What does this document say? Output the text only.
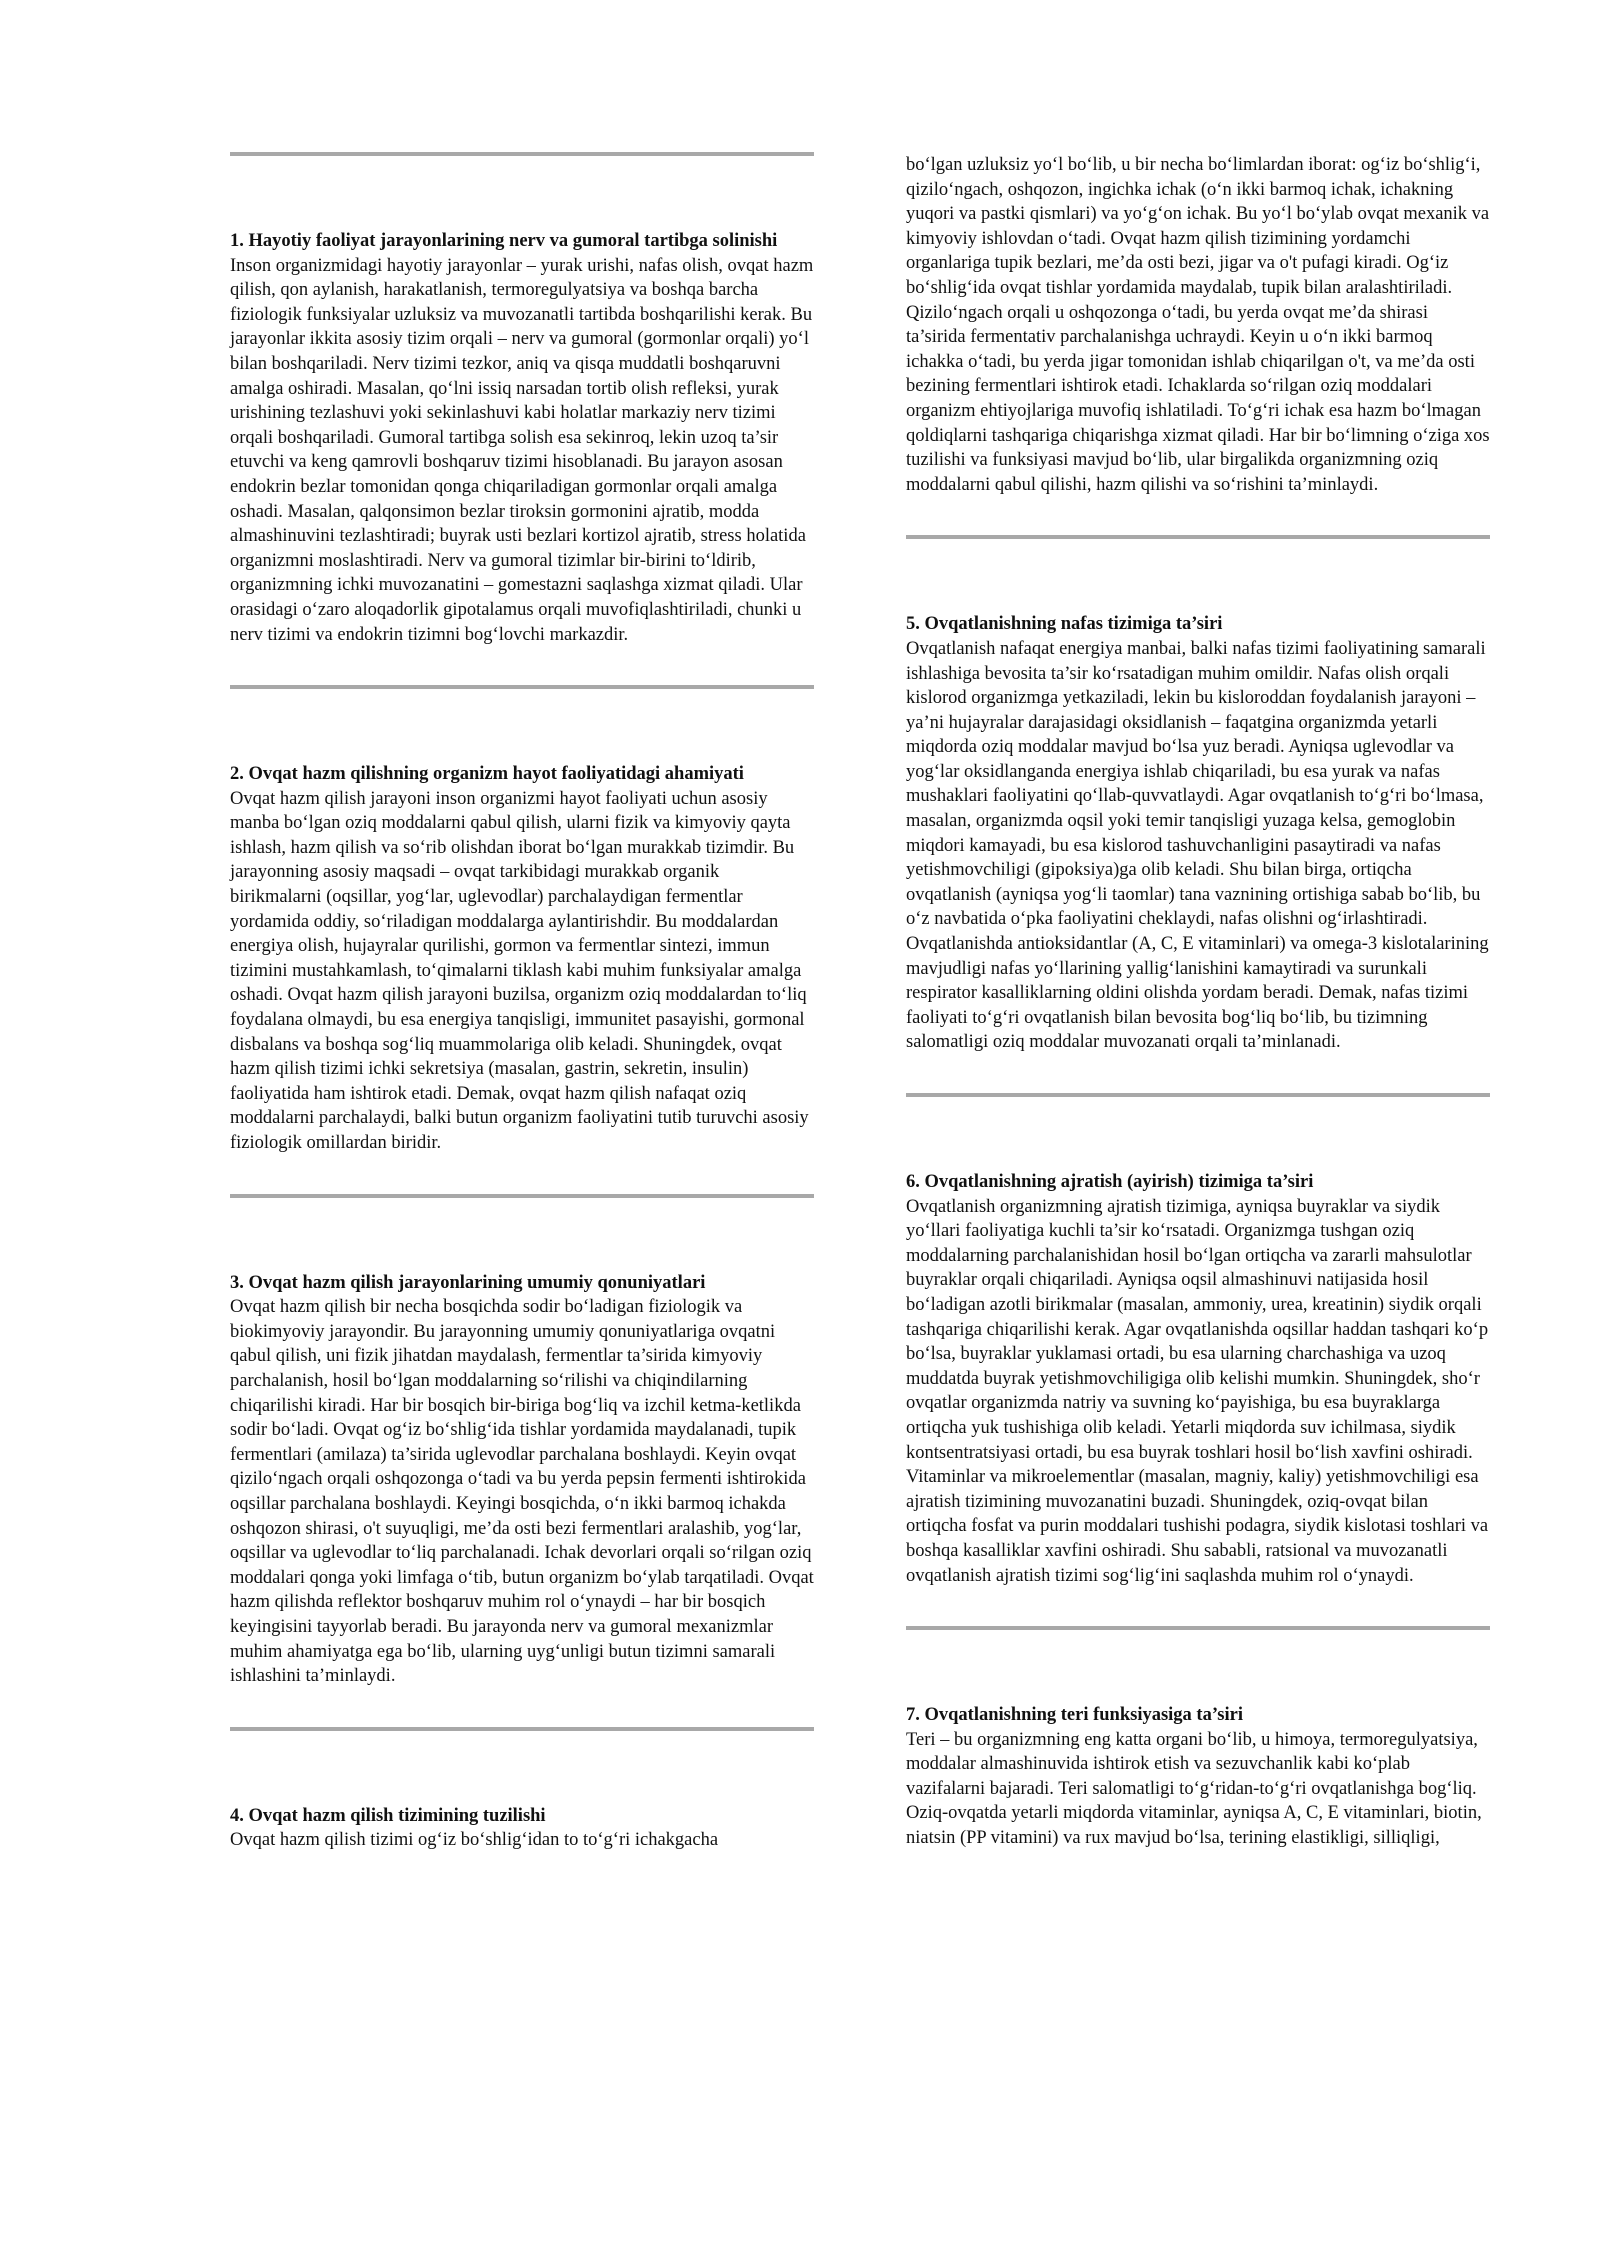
1. Hayotiy faoliyat jarayonlarining nerv va gumoral tartibga solinishi

Inson organizmidagi hayotiy jarayonlar – yurak urishi, nafas olish, ovqat hazm qilish, qon aylanish, harakatlanish, termoregulyatsiya va boshqa barcha fiziologik funksiyalar uzluksiz va muvozanatli tartibda boshqarilishi kerak. Bu jarayonlar ikkita asosiy tizim orqali – nerv va gumoral (gormonlar orqali) yo‘l bilan boshqariladi. Nerv tizimi tezkor, aniq va qisqa muddatli boshqaruvni amalga oshiradi. Masalan, qo‘lni issiq narsadan tortib olish refleksi, yurak urishining tezlashuvi yoki sekinlashuvi kabi holatlar markaziy nerv tizimi orqali boshqariladi. Gumoral tartibga solish esa sekinroq, lekin uzoq ta’sir etuvchi va keng qamrovli boshqaruv tizimi hisoblanadi. Bu jarayon asosan endokrin bezlar tomonidan qonga chiqariladigan gormonlar orqali amalga oshadi. Masalan, qalqonsimon bezlar tiroksin gormonini ajratib, modda almashinuvini tezlashtiradi; buyrak usti bezlari kortizol ajratib, stress holatida organizmni moslashtiradi. Nerv va gumoral tizimlar bir-birini to‘ldirib, organizmning ichki muvozanatini – gomestazni saqlashga xizmat qiladi. Ular orasidagi o‘zaro aloqadorlik gipotalamus orqali muvofiqlashtiriladi, chunki u nerv tizimi va endokrin tizimni bog‘lovchi markazdir.

2. Ovqat hazm qilishning organizm hayot faoliyatidagi ahamiyati

Ovqat hazm qilish jarayoni inson organizmi hayot faoliyati uchun asosiy manba bo‘lgan oziq moddalarni qabul qilish, ularni fizik va kimyoviy qayta ishlash, hazm qilish va so‘rib olishdan iborat bo‘lgan murakkab tizimdir. Bu jarayonning asosiy maqsadi – ovqat tarkibidagi murakkab organik birikmalarni (oqsillar, yog‘lar, uglevodlar) parchalaydigan fermentlar yordamida oddiy, so‘riladigan moddalarga aylantirishdir. Bu moddalardan energiya olish, hujayralar qurilishi, gormon va fermentlar sintezi, immun tizimini mustahkamlash, to‘qimalarni tiklash kabi muhim funksiyalar amalga oshadi. Ovqat hazm qilish jarayoni buzilsa, organizm oziq moddalardan to‘liq foydalana olmaydi, bu esa energiya tanqisligi, immunitet pasayishi, gormonal disbalans va boshqa sog‘liq muammolariga olib keladi. Shuningdek, ovqat hazm qilish tizimi ichki sekretsiya (masalan, gastrin, sekretin, insulin) faoliyatida ham ishtirok etadi. Demak, ovqat hazm qilish nafaqat oziq moddalarni parchalaydi, balki butun organizm faoliyatini tutib turuvchi asosiy fiziologik omillardan biridir.

3. Ovqat hazm qilish jarayonlarining umumiy qonuniyatlari

Ovqat hazm qilish bir necha bosqichda sodir bo‘ladigan fiziologik va biokimyoviy jarayondir. Bu jarayonning umumiy qonuniyatlariga ovqatni qabul qilish, uni fizik jihatdan maydalash, fermentlar ta’sirida kimyoviy parchalanish, hosil bo‘lgan moddalarning so‘rilishi va chiqindilarning chiqarilishi kiradi. Har bir bosqich bir-biriga bog‘liq va izchil ketma-ketlikda sodir bo‘ladi. Ovqat og‘iz bo‘shlig‘ida tishlar yordamida maydalanadi, tupik fermentlari (amilaza) ta’sirida uglevodlar parchalana boshlaydi. Keyin ovqat qizilo‘ngach orqali oshqozonga o‘tadi va bu yerda pepsin fermenti ishtirokida oqsillar parchalana boshlaydi. Keyingi bosqichda, o‘n ikki barmoq ichakda oshqozon shirasi, o't suyuqligi, me’da osti bezi fermentlari aralashib, yog‘lar, oqsillar va uglevodlar to‘liq parchalanadi. Ichak devorlari orqali so‘rilgan oziq moddalari qonga yoki limfaga o‘tib, butun organizm bo‘ylab tarqatiladi. Ovqat hazm qilishda reflektor boshqaruv muhim rol o‘ynaydi – har bir bosqich keyingisini tayyorlab beradi. Bu jarayonda nerv va gumoral mexanizmlar muhim ahamiyatga ega bo‘lib, ularning uyg‘unligi butun tizimni samarali ishlashini ta’minlaydi.

4. Ovqat hazm qilish tizimining tuzilishi

Ovqat hazm qilish tizimi og‘iz bo‘shlig‘idan to to‘g‘ri ichakgacha

bo‘lgan uzluksiz yo‘l bo‘lib, u bir necha bo‘limlardan iborat: og‘iz bo‘shlig‘i, qizilo‘ngach, oshqozon, ingichka ichak (o‘n ikki barmoq ichak, ichakning yuqori va pastki qismlari) va yo‘g‘on ichak. Bu yo‘l bo‘ylab ovqat mexanik va kimyoviy ishlovdan o‘tadi. Ovqat hazm qilish tizimining yordamchi organlariga tupik bezlari, me’da osti bezi, jigar va o't pufagi kiradi. Og‘iz bo‘shlig‘ida ovqat tishlar yordamida maydalab, tupik bilan aralashtiriladi. Qizilo‘ngach orqali u oshqozonga o‘tadi, bu yerda ovqat me’da shirasi ta’sirida fermentativ parchalanishga uchraydi. Keyin u o‘n ikki barmoq ichakka o‘tadi, bu yerda jigar tomonidan ishlab chiqarilgan o't, va me’da osti bezining fermentlari ishtirok etadi. Ichaklarda so‘rilgan oziq moddalari organizm ehtiyojlariga muvofiq ishlatiladi. To‘g‘ri ichak esa hazm bo‘lmagan qoldiqlarni tashqariga chiqarishga xizmat qiladi. Har bir bo‘limning o‘ziga xos tuzilishi va funksiyasi mavjud bo‘lib, ular birgalikda organizmning oziq moddalarni qabul qilishi, hazm qilishi va so‘rishini ta’minlaydi.

5. Ovqatlanishning nafas tizimiga ta’siri

Ovqatlanish nafaqat energiya manbai, balki nafas tizimi faoliyatining samarali ishlashiga bevosita ta’sir ko‘rsatadigan muhim omildir. Nafas olish orqali kislorod organizmga yetkaziladi, lekin bu kisloroddan foydalanish jarayoni – ya’ni hujayralar darajasidagi oksidlanish – faqatgina organizmda yetarli miqdorda oziq moddalar mavjud bo‘lsa yuz beradi. Ayniqsa uglevodlar va yog‘lar oksidlanganda energiya ishlab chiqariladi, bu esa yurak va nafas mushaklari faoliyatini qo‘llab-quvvatlaydi. Agar ovqatlanish to‘g‘ri bo‘lmasa, masalan, organizmda oqsil yoki temir tanqisligi yuzaga kelsa, gemoglobin miqdori kamayadi, bu esa kislorod tashuvchanligini pasaytiradi va nafas yetishmovchiligi (gipoksiya)ga olib keladi. Shu bilan birga, ortiqcha ovqatlanish (ayniqsa yog‘li taomlar) tana vaznining ortishiga sabab bo‘lib, bu o‘z navbatida o‘pka faoliyatini cheklaydi, nafas olishni og‘irlashtiradi. Ovqatlanishda antioksidantlar (A, C, E vitaminlari) va omega-3 kislotalarining mavjudligi nafas yo‘llarining yallig‘lanishini kamaytiradi va surunkali respirator kasalliklarning oldini olishda yordam beradi. Demak, nafas tizimi faoliyati to‘g‘ri ovqatlanish bilan bevosita bog‘liq bo‘lib, bu tizimning salomatligi oziq moddalar muvozanati orqali ta’minlanadi.

6. Ovqatlanishning ajratish (ayirish) tizimiga ta’siri

Ovqatlanish organizmning ajratish tizimiga, ayniqsa buyraklar va siydik yo‘llari faoliyatiga kuchli ta’sir ko‘rsatadi. Organizmga tushgan oziq moddalarning parchalanishidan hosil bo‘lgan ortiqcha va zararli mahsulotlar buyraklar orqali chiqariladi. Ayniqsa oqsil almashinuvi natijasida hosil bo‘ladigan azotli birikmalar (masalan, ammoniy, urea, kreatinin) siydik orqali tashqariga chiqarilishi kerak. Agar ovqatlanishda oqsillar haddan tashqari ko‘p bo‘lsa, buyraklar yuklamasi ortadi, bu esa ularning charchashiga va uzoq muddatda buyrak yetishmovchiligiga olib kelishi mumkin. Shuningdek, sho‘r ovqatlar organizmda natriy va suvning ko‘payishiga, bu esa buyraklarga ortiqcha yuk tushishiga olib keladi. Yetarli miqdorda suv ichilmasa, siydik kontsentratsiyasi ortadi, bu esa buyrak toshlari hosil bo‘lish xavfini oshiradi. Vitaminlar va mikroelementlar (masalan, magniy, kaliy) yetishmovchiligi esa ajratish tizimining muvozanatini buzadi. Shuningdek, oziq-ovqat bilan ortiqcha fosfat va purin moddalari tushishi podagra, siydik kislotasi toshlari va boshqa kasalliklar xavfini oshiradi. Shu sababli, ratsional va muvozanatli ovqatlanish ajratish tizimi sog‘lig‘ini saqlashda muhim rol o‘ynaydi.

7. Ovqatlanishning teri funksiyasiga ta’siri

Teri – bu organizmning eng katta organi bo‘lib, u himoya, termoregulyatsiya, moddalar almashinuvida ishtirok etish va sezuvchanlik kabi ko‘plab vazifalarni bajaradi. Teri salomatligi to‘g‘ridan-to‘g‘ri ovqatlanishga bog‘liq. Oziq-ovqatda yetarli miqdorda vitaminlar, ayniqsa A, C, E vitaminlari, biotin, niatsin (PP vitamini) va rux mavjud bo‘lsa, terining elastikligi, silliqligi,
